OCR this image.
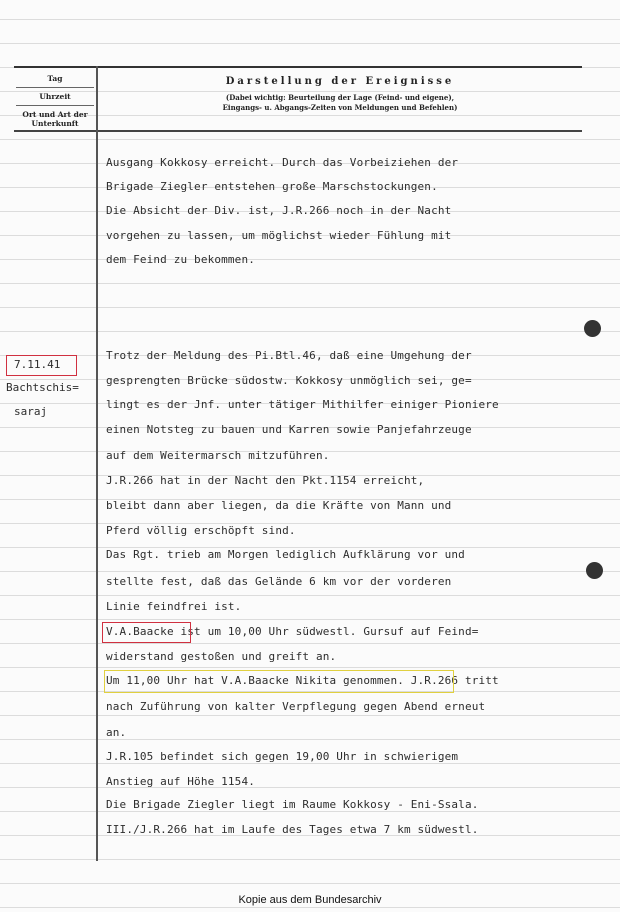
Tag
Uhrzeit
Ort und Art der Unterkunft
Darstellung der Ereignisse
(Dabei wichtig: Beurteilung der Lage (Feind- und eigene),
Eingangs- u. Abgangs-Zeiten von Meldungen und Befehlen)
7.11.41
Bachtschis=
saraj
Ausgang Kokkosy erreicht. Durch das Vorbeiziehen der
Brigade Ziegler entstehen große Marschstockungen.
Die Absicht der Div. ist, J.R.266 noch in der Nacht
vorgehen zu lassen, um möglichst wieder Fühlung mit
dem Feind zu bekommen.
Trotz der Meldung des Pi.Btl.46, daß eine Umgehung der
gesprengten Brücke südostw. Kokkosy unmöglich sei, ge=
lingt es der Jnf. unter tätiger Mithilfer einiger Pioniere
einen Notsteg zu bauen und Karren sowie Panjefahrzeuge
auf dem Weitermarsch mitzuführen.
J.R.266 hat in der Nacht den Pkt.1154 erreicht,
bleibt dann aber liegen, da die Kräfte von Mann und
Pferd völlig erschöpft sind.
Das Rgt. trieb am Morgen lediglich Aufklärung vor und
stellte fest, daß das Gelände 6 km vor der vorderen
Linie feindfrei ist.
V.A.Baacke ist um 10,00 Uhr südwestl. Gursuf auf Feind=
widerstand gestoßen und greift an.
Um 11,00 Uhr hat V.A.Baacke Nikita genommen. J.R.266 tritt
nach Zuführung von kalter Verpflegung gegen Abend erneut
an.
J.R.105 befindet sich gegen 19,00 Uhr in schwierigem
Anstieg auf Höhe 1154.
Die Brigade Ziegler liegt im Raume Kokkosy - Eni-Ssala.
III./J.R.266 hat im Laufe des Tages etwa 7 km südwestl.
Kopie aus dem Bundesarchiv
